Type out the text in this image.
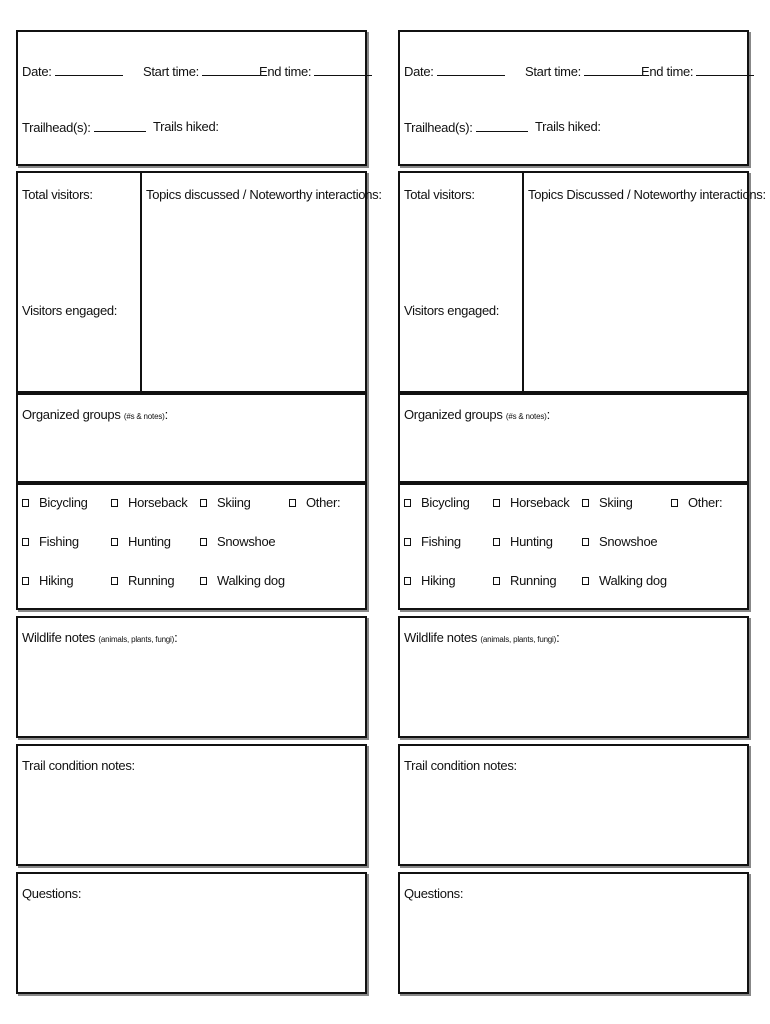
Date:	Start time:	End time:
Trailhead(s):	Trails hiked:
Total visitors:	Topics discussed / Noteworthy interactions:
Visitors engaged:
Organized groups (#s & notes):
Bicycling	Horseback	Skiing	Other:
Fishing	Hunting	Snowshoe
Hiking	Running	Walking dog
Wildlife notes (animals, plants, fungi):
Trail condition notes:
Questions:
Date:	Start time:	End time:
Trailhead(s):	Trails hiked:
Total visitors:	Topics Discussed / Noteworthy interactions:
Visitors engaged:
Organized groups (#s & notes):
Bicycling	Horseback	Skiing	Other:
Fishing	Hunting	Snowshoe
Hiking	Running	Walking dog
Wildlife notes (animals, plants, fungi):
Trail condition notes:
Questions:
